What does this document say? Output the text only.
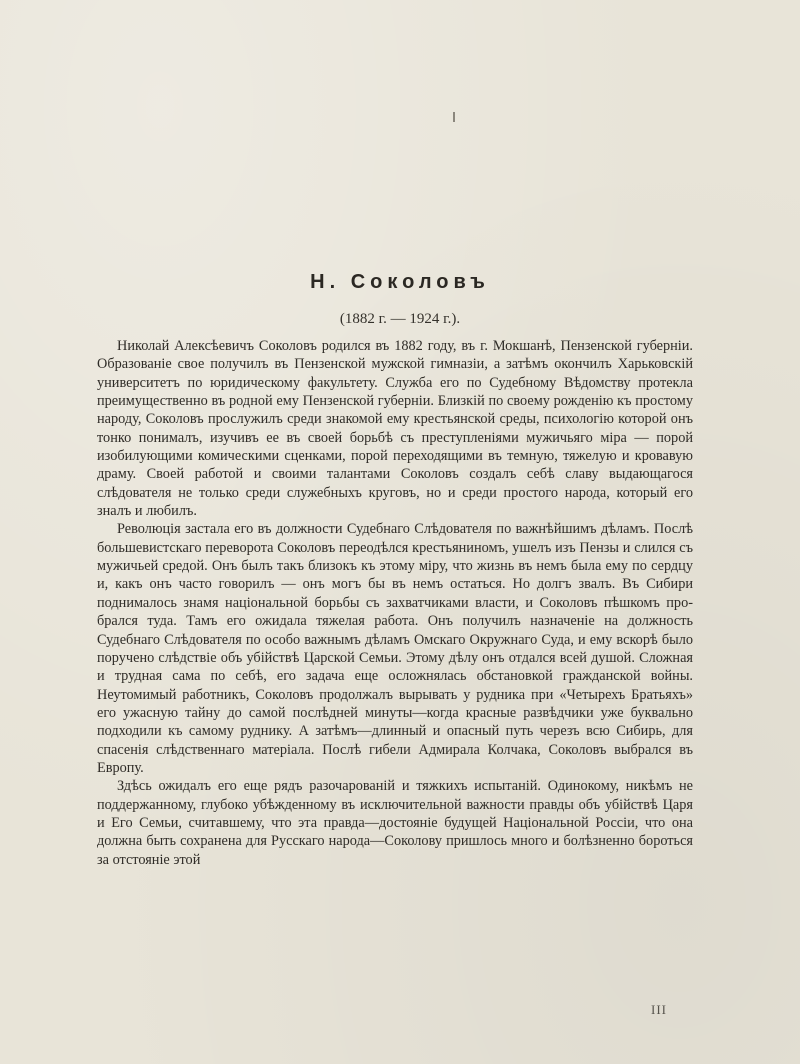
Н. Соколовъ

(1882 г. — 1924 г.).

Николай Алексѣевичъ Соколовъ родился въ 1882 году, въ г. Мокшанѣ, Пензенской губерніи. Образованіе свое получилъ въ Пензенской мужской гимназіи, а затѣмъ окончилъ Харьковскій университетъ по юридическому факультету. Служба его по Судебному Вѣдомству протекла преимущественно въ родной ему Пензенской губерніи. Близкій по своему рожденію къ простому народу, Соколовъ прослужилъ среди знакомой ему крестьянской среды, психологію которой онъ тонко понималъ, изучивъ ее въ своей борьбѣ съ преступленіями мужичьяго міра — порой изобилующими комическими сценками, порой переходящими въ темную, тяжелую и кровавую драму. Своей работой и своими талантами Соколовъ создалъ себѣ славу выдающагося слѣдователя не только среди служебныхъ круговъ, но и среди простого народа, который его зналъ и любилъ.

Революція застала его въ должности Судебнаго Слѣдователя по важнѣйшимъ дѣламъ. Послѣ большевистскаго переворота Соколовъ переодѣлся крестьяниномъ, ушелъ изъ Пензы и слился съ мужичьей средой. Онъ былъ такъ близокъ къ этому міру, что жизнь въ немъ была ему по сердцу и, какъ онъ часто говорилъ — онъ могъ бы въ немъ остаться. Но долгъ звалъ. Въ Сибири поднималось знамя національной борьбы съ захватчиками власти, и Соколовъ пѣшкомъ пробрался туда. Тамъ его ожидала тяжелая работа. Онъ получилъ назначеніе на должность Судебнаго Слѣдователя по особо важнымъ дѣламъ Омскаго Окружнаго Суда, и ему вскорѣ было поручено слѣдствіе объ убійствѣ Царской Семьи. Этому дѣлу онъ отдался всей душой. Сложная и трудная сама по себѣ, его задача еще осложнялась обстановкой гражданской войны. Неутомимый работникъ, Соколовъ продолжалъ вырывать у рудника при «Четырехъ Братьяхъ» его ужасную тайну до самой послѣдней минуты—когда красные развѣдчики уже буквально подходили къ самому руднику. А затѣмъ—длинный и опасный путь черезъ всю Сибирь, для спасенія слѣдственнаго матеріала. Послѣ гибели Адмирала Колчака, Соколовъ выбрался въ Европу.

Здѣсь ожидалъ его еще рядъ разочарованій и тяжкихъ испытаній. Одинокому, никѣмъ не поддержанному, глубоко убѣжденному въ исключительной важности правды объ убійствѣ Царя и Его Семьи, считавшему, что эта правда—достояніе будущей Національной Россіи, что она должна быть сохранена для Русскаго народа—Соколову пришлось много и болѣзненно бороться за отстояніе этой

III
